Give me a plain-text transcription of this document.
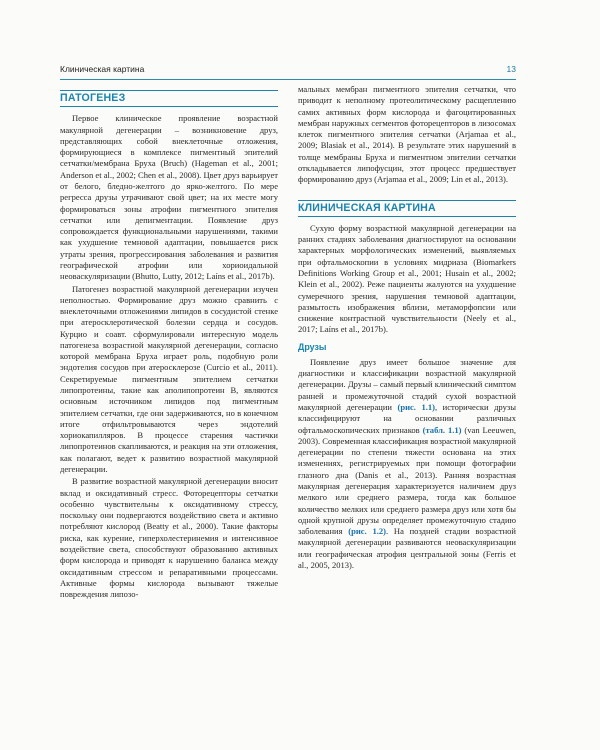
Клиническая картина	13
ПАТОГЕНЕЗ

Первое клиническое проявление возрастной макулярной дегенерации – возникновение друз, представляющих собой внеклеточные отложения, формирующиеся в комплексе пигментный эпителий сетчатки/мембрана Бруха (Bruch) (Hageman et al., 2001; Anderson et al., 2002; Chen et al., 2008). Цвет друз варьирует от белого, бледно-желтого до ярко-желтого. По мере регресса друзы утрачивают свой цвет; на их месте могу формироваться зоны атрофии пигментного эпителия сетчатки или депигментации. Появление друз сопровождается функциональными нарушениями, такими как ухудшение темновой адаптации, повышается риск утраты зрения, прогрессирования заболевания и развития географической атрофии или хориоидальной неоваскуляризации (Bhutto, Lutty, 2012; Laíns et al., 2017b).

Патогенез возрастной макулярной дегенерации изучен неполностью. Формирование друз можно сравнить с внеклеточными отложениями липидов в сосудистой стенке при атеросклеротической болезни сердца и сосудов. Курцио и соавт. сформулировали интересную модель патогенеза возрастной макулярной дегенерации, согласно которой мембрана Бруха играет роль, подобную роли эндотелия сосудов при атеросклерозе (Curcio et al., 2011). Секретируемые пигментным эпителием сетчатки липопротеины, такие как аполипопротеин В, являются основным источником липидов под пигментным эпителием сетчатки, где они задерживаются, но в конечном итоге отфильтровываются через эндотелий хориокапилляров. В процессе старения частички липопротеинов скапливаются, и реакция на эти отложения, как полагают, ведет к развитию возрастной макулярной дегенерации.

В развитие возрастной макулярной дегенерации вносит вклад и оксидативный стресс. Фоторецепторы сетчатки особенно чувствительны к оксидативному стрессу, поскольку они подвергаются воздействию света и активно потребляют кислород (Beatty et al., 2000). Такие факторы риска, как курение, гиперхолестеринемия и интенсивное воздействие света, способствуют образованию активных форм кислорода и приводят к нарушению баланса между оксидативным стрессом и репаративными процессами. Активные формы кислорода вызывают тяжелые повреждения липозо-

мальных мембран пигментного эпителия сетчатки, что приводит к неполному протеолитическому расщеплению самих активных форм кислорода и фагоцитированных мембран наружных сегментов фоторецепторов в лизосомах клеток пигментного эпителия сетчатки (Arjamaa et al., 2009; Blasiak et al., 2014). В результате этих нарушений в толще мембраны Бруха и пигментном эпителии сетчатки откладывается липофусцин, этот процесс предшествует формированию друз (Arjamaa et al., 2009; Lin et al., 2013).

КЛИНИЧЕСКАЯ КАРТИНА

Сухую форму возрастной макулярной дегенерации на ранних стадиях заболевания диагностируют на основании характерных морфологических изменений, выявляемых при офтальмоскопии в условиях мидриаза (Biomarkers Definitions Working Group et al., 2001; Husain et al., 2002; Klein et al., 2002). Реже пациенты жалуются на ухудшение сумеречного зрения, нарушения темновой адаптации, размытость изображения вблизи, метаморфопсии или снижение контрастной чувствительности (Neely et al., 2017; Laíns et al., 2017b).

Друзы

Появление друз имеет большое значение для диагностики и классификации возрастной макулярной дегенерации. Друзы – самый первый клинический симптом ранней и промежуточной стадий сухой возрастной макулярной дегенерации (рис. 1.1), исторически друзы классифицируют на основании различных офтальмоскопических признаков (табл. 1.1) (van Leeuwen, 2003). Современная классификация возрастной макулярной дегенерации по степени тяжести основана на этих изменениях, регистрируемых при помощи фотографии глазного дна (Danis et al., 2013). Ранняя возрастная макулярная дегенерация характеризуется наличием друз мелкого или среднего размера, тогда как большое количество мелких или среднего размера друз или хотя бы одной крупной друзы определяет промежуточную стадию заболевания (рис. 1.2). На поздней стадии возрастной макулярной дегенерации развиваются неоваскуляризации или географическая атрофия центральной зоны (Ferris et al., 2005, 2013).
